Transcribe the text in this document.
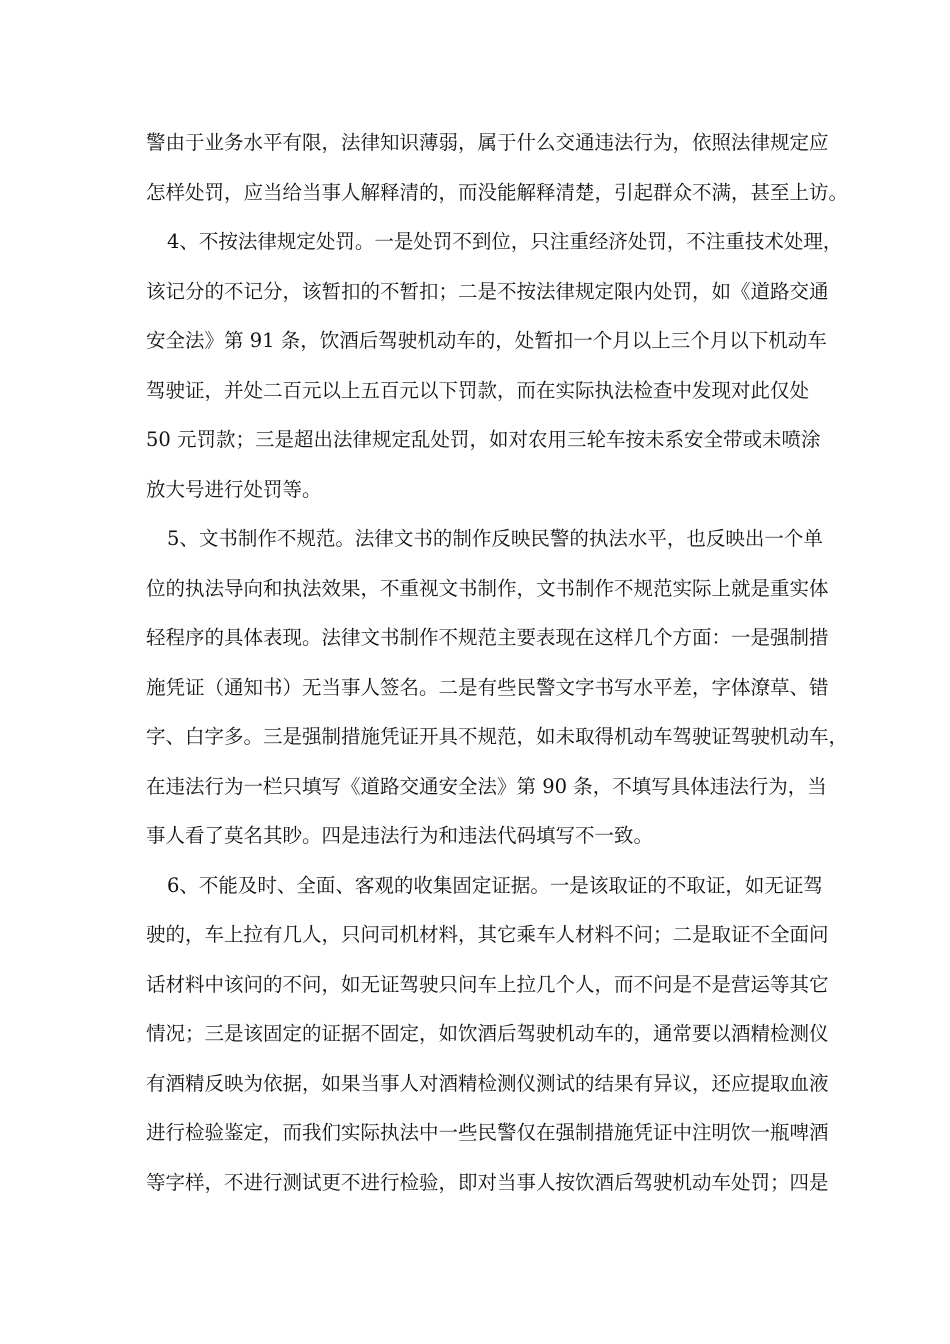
警由于业务水平有限，法律知识薄弱，属于什么交通违法行为，依照法律规定应
怎样处罚，应当给当事人解释清的，而没能解释清楚，引起群众不满，甚至上访。
4、不按法律规定处罚。一是处罚不到位，只注重经济处罚，不注重技术处理，
该记分的不记分，该暂扣的不暂扣；二是不按法律规定限内处罚，如《道路交通
安全法》第 91 条，饮酒后驾驶机动车的，处暂扣一个月以上三个月以下机动车
驾驶证，并处二百元以上五百元以下罚款，而在实际执法检查中发现对此仅处
50 元罚款；三是超出法律规定乱处罚，如对农用三轮车按未系安全带或未喷涂
放大号进行处罚等。
5、文书制作不规范。法律文书的制作反映民警的执法水平，也反映出一个单
位的执法导向和执法效果，不重视文书制作，文书制作不规范实际上就是重实体
轻程序的具体表现。法律文书制作不规范主要表现在这样几个方面：一是强制措
施凭证（通知书）无当事人签名。二是有些民警文字书写水平差，字体潦草、错
字、白字多。三是强制措施凭证开具不规范，如未取得机动车驾驶证驾驶机动车，
在违法行为一栏只填写《道路交通安全法》第 90 条，不填写具体违法行为，当
事人看了莫名其眇。四是违法行为和违法代码填写不一致。
6、不能及时、全面、客观的收集固定证据。一是该取证的不取证，如无证驾
驶的，车上拉有几人，只问司机材料，其它乘车人材料不问；二是取证不全面问
话材料中该问的不问，如无证驾驶只问车上拉几个人，而不问是不是营运等其它
情况；三是该固定的证据不固定，如饮酒后驾驶机动车的，通常要以酒精检测仪
有酒精反映为依据，如果当事人对酒精检测仪测试的结果有异议，还应提取血液
进行检验鉴定，而我们实际执法中一些民警仅在强制措施凭证中注明饮一瓶啤酒
等字样，不进行测试更不进行检验，即对当事人按饮酒后驾驶机动车处罚；四是
